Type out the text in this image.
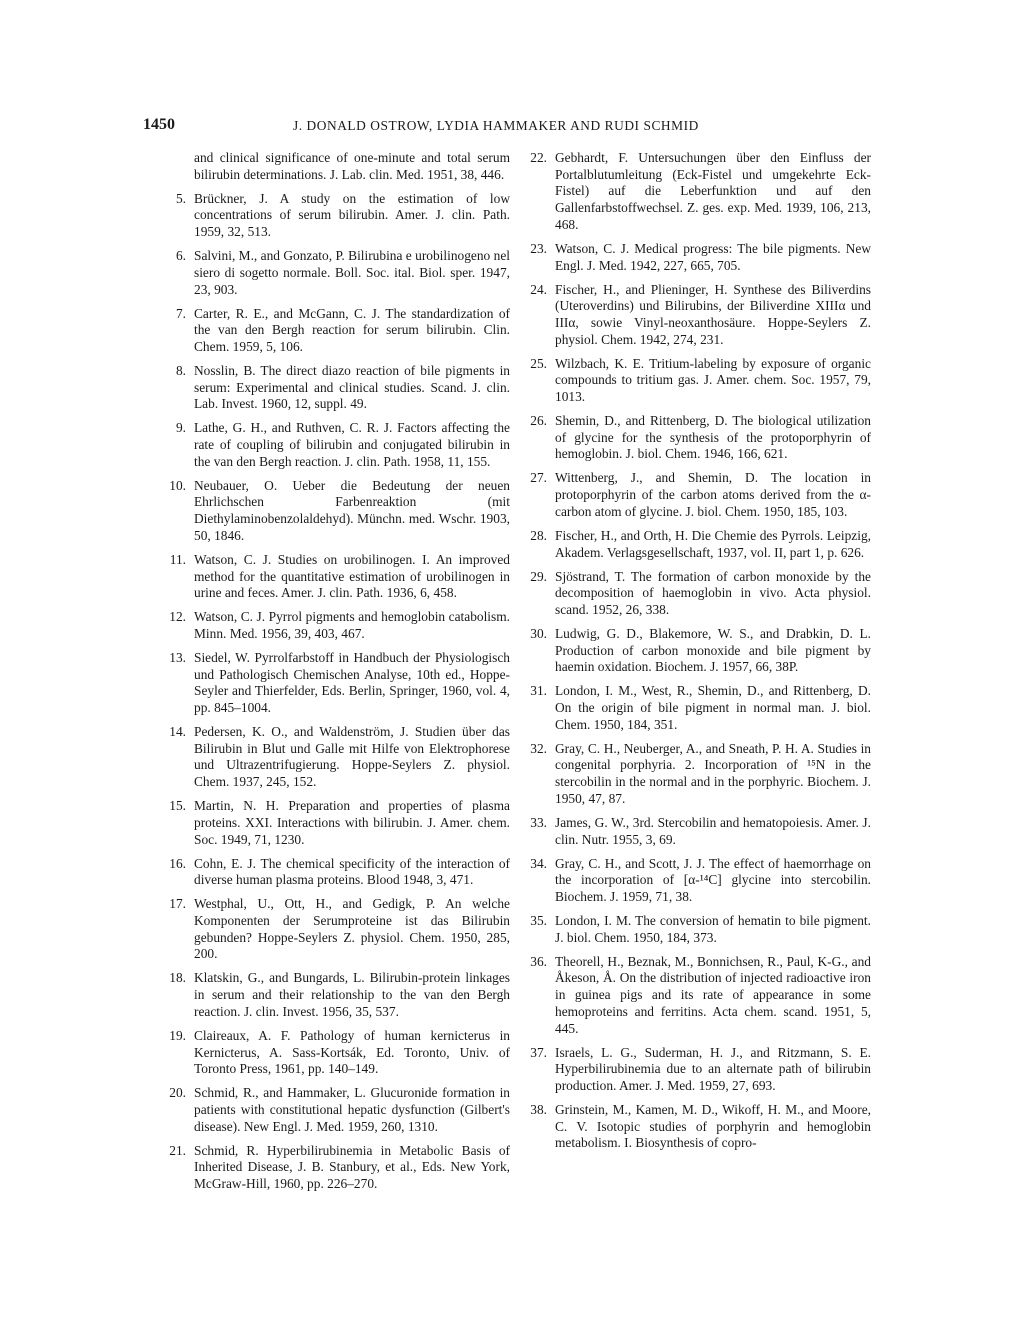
1450	J. DONALD OSTROW, LYDIA HAMMAKER AND RUDI SCHMID
and clinical significance of one-minute and total serum bilirubin determinations. J. Lab. clin. Med. 1951, 38, 446.
5. Brückner, J. A study on the estimation of low concentrations of serum bilirubin. Amer. J. clin. Path. 1959, 32, 513.
6. Salvini, M., and Gonzato, P. Bilirubina e urobilinogeno nel siero di sogetto normale. Boll. Soc. ital. Biol. sper. 1947, 23, 903.
7. Carter, R. E., and McGann, C. J. The standardization of the van den Bergh reaction for serum bilirubin. Clin. Chem. 1959, 5, 106.
8. Nosslin, B. The direct diazo reaction of bile pigments in serum: Experimental and clinical studies. Scand. J. clin. Lab. Invest. 1960, 12, suppl. 49.
9. Lathe, G. H., and Ruthven, C. R. J. Factors affecting the rate of coupling of bilirubin and conjugated bilirubin in the van den Bergh reaction. J. clin. Path. 1958, 11, 155.
10. Neubauer, O. Ueber die Bedeutung der neuen Ehrlichschen Farbenreaktion (mit Diethylaminobenzolaldehyd). Münchn. med. Wschr. 1903, 50, 1846.
11. Watson, C. J. Studies on urobilinogen. I. An improved method for the quantitative estimation of urobilinogen in urine and feces. Amer. J. clin. Path. 1936, 6, 458.
12. Watson, C. J. Pyrrol pigments and hemoglobin catabolism. Minn. Med. 1956, 39, 403, 467.
13. Siedel, W. Pyrrolfarbstoff in Handbuch der Physiologisch und Pathologisch Chemischen Analyse, 10th ed., Hoppe-Seyler and Thierfelder, Eds. Berlin, Springer, 1960, vol. 4, pp. 845–1004.
14. Pedersen, K. O., and Waldenström, J. Studien über das Bilirubin in Blut und Galle mit Hilfe von Elektrophorese und Ultrazentrifugierung. Hoppe-Seylers Z. physiol. Chem. 1937, 245, 152.
15. Martin, N. H. Preparation and properties of plasma proteins. XXI. Interactions with bilirubin. J. Amer. chem. Soc. 1949, 71, 1230.
16. Cohn, E. J. The chemical specificity of the interaction of diverse human plasma proteins. Blood 1948, 3, 471.
17. Westphal, U., Ott, H., and Gedigk, P. An welche Komponenten der Serumproteine ist das Bilirubin gebunden? Hoppe-Seylers Z. physiol. Chem. 1950, 285, 200.
18. Klatskin, G., and Bungards, L. Bilirubin-protein linkages in serum and their relationship to the van den Bergh reaction. J. clin. Invest. 1956, 35, 537.
19. Claireaux, A. F. Pathology of human kernicterus in Kernicterus, A. Sass-Kortsák, Ed. Toronto, Univ. of Toronto Press, 1961, pp. 140–149.
20. Schmid, R., and Hammaker, L. Glucuronide formation in patients with constitutional hepatic dysfunction (Gilbert's disease). New Engl. J. Med. 1959, 260, 1310.
21. Schmid, R. Hyperbilirubinemia in Metabolic Basis of Inherited Disease, J. B. Stanbury, et al., Eds. New York, McGraw-Hill, 1960, pp. 226–270.
22. Gebhardt, F. Untersuchungen über den Einfluss der Portalblutumleitung (Eck-Fistel und umgekehrte Eck-Fistel) auf die Leberfunktion und auf den Gallenfarbstoffwechsel. Z. ges. exp. Med. 1939, 106, 213, 468.
23. Watson, C. J. Medical progress: The bile pigments. New Engl. J. Med. 1942, 227, 665, 705.
24. Fischer, H., and Plieninger, H. Synthese des Biliverdins (Uteroverdins) und Bilirubins, der Biliverdine XIIIα und IIIα, sowie Vinyl-neoxanthosäure. Hoppe-Seylers Z. physiol. Chem. 1942, 274, 231.
25. Wilzbach, K. E. Tritium-labeling by exposure of organic compounds to tritium gas. J. Amer. chem. Soc. 1957, 79, 1013.
26. Shemin, D., and Rittenberg, D. The biological utilization of glycine for the synthesis of the protoporphyrin of hemoglobin. J. biol. Chem. 1946, 166, 621.
27. Wittenberg, J., and Shemin, D. The location in protoporphyrin of the carbon atoms derived from the α-carbon atom of glycine. J. biol. Chem. 1950, 185, 103.
28. Fischer, H., and Orth, H. Die Chemie des Pyrrols. Leipzig, Akadem. Verlagsgesellschaft, 1937, vol. II, part 1, p. 626.
29. Sjöstrand, T. The formation of carbon monoxide by the decomposition of haemoglobin in vivo. Acta physiol. scand. 1952, 26, 338.
30. Ludwig, G. D., Blakemore, W. S., and Drabkin, D. L. Production of carbon monoxide and bile pigment by haemin oxidation. Biochem. J. 1957, 66, 38P.
31. London, I. M., West, R., Shemin, D., and Rittenberg, D. On the origin of bile pigment in normal man. J. biol. Chem. 1950, 184, 351.
32. Gray, C. H., Neuberger, A., and Sneath, P. H. A. Studies in congenital porphyria. 2. Incorporation of ¹⁵N in the stercobilin in the normal and in the porphyric. Biochem. J. 1950, 47, 87.
33. James, G. W., 3rd. Stercobilin and hematopoiesis. Amer. J. clin. Nutr. 1955, 3, 69.
34. Gray, C. H., and Scott, J. J. The effect of haemorrhage on the incorporation of [α-¹⁴C] glycine into stercobilin. Biochem. J. 1959, 71, 38.
35. London, I. M. The conversion of hematin to bile pigment. J. biol. Chem. 1950, 184, 373.
36. Theorell, H., Beznak, M., Bonnichsen, R., Paul, K-G., and Åkeson, Å. On the distribution of injected radioactive iron in guinea pigs and its rate of appearance in some hemoproteins and ferritins. Acta chem. scand. 1951, 5, 445.
37. Israels, L. G., Suderman, H. J., and Ritzmann, S. E. Hyperbilirubinemia due to an alternate path of bilirubin production. Amer. J. Med. 1959, 27, 693.
38. Grinstein, M., Kamen, M. D., Wikoff, H. M., and Moore, C. V. Isotopic studies of porphyrin and hemoglobin metabolism. I. Biosynthesis of copro-
